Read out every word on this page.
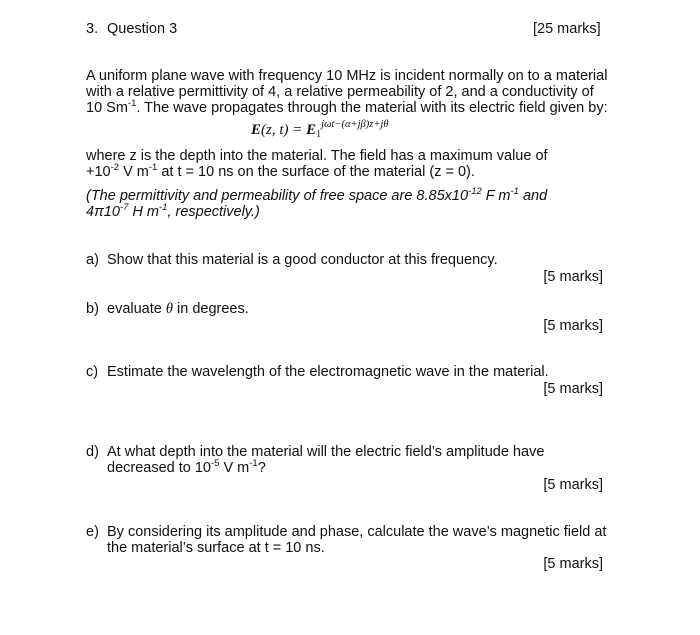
3. Question 3	[25 marks]
A uniform plane wave with frequency 10 MHz is incident normally on to a material
with a relative permittivity of 4, a relative permeability of 2, and a conductivity of
10 $Sm^{-1}$. The wave propagates through the material with its electric field given by:
E(z, $t) = E_1^{j\omega t-(\alpha+j\beta)z+j\theta}$
where z is the depth into the material. The field has a maximum value of
$+10^{-2}$ V $m^{-1}$ at t = 10 ns on the surface of the material (z = 0).
(The permittivity and permeability of free space are $8.85x10^{-12}$ F $m^{-1}$ and
$4\pi 10^{-7}$ H $m^{-1}$, respectively.)
a) Show that this material is a good conductor at this frequency.
[5 marks]
b) evaluate θ in degrees.
[5 marks]
c) Estimate the wavelength of the electromagnetic wave in the material.
[5 marks]
d) At what depth into the material will the electric field’s amplitude have
decreased to $10^{-5}$ V $m^{-1}$?
[5 marks]
e) By considering its amplitude and phase, calculate the wave’s magnetic field at
the material’s surface at t = 10 ns.
[5 marks]
